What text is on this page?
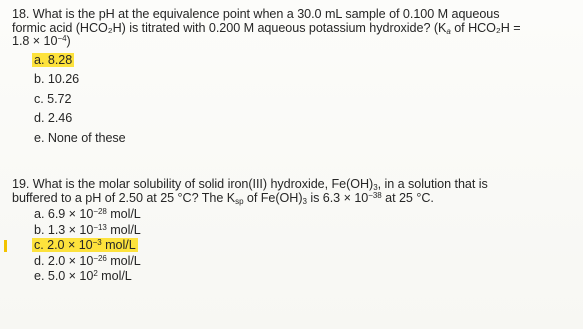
18. What is the pH at the equivalence point when a 30.0 mL sample of 0.100 M aqueous
formic acid (HCO₂H) is titrated with 0.200 M aqueous potassium hydroxide? ($K_a$ of HCO₂H =
$1.8 \times 10^{-4}$)

a. 8.28
b. 10.26
c. 5.72
d. 2.46
e. None of these

19. What is the molar solubility of solid iron(III) hydroxide, $Fe(OH)_3$, in a solution that is
buffered to a pH of 2.50 at 25 °C? The $K_{sp}$ of $Fe(OH)_3$ is $6.3 \times 10^{-38}$ at 25 °C.

a. $6.9 \times 10^{-28}$ mol/L
b. $1.3 \times 10^{-13}$ mol/L
c. $2.0 \times 10^{-3}$ mol/L
d. $2.0 \times 10^{-26}$ mol/L
e. $5.0 \times 10^2$ mol/L
